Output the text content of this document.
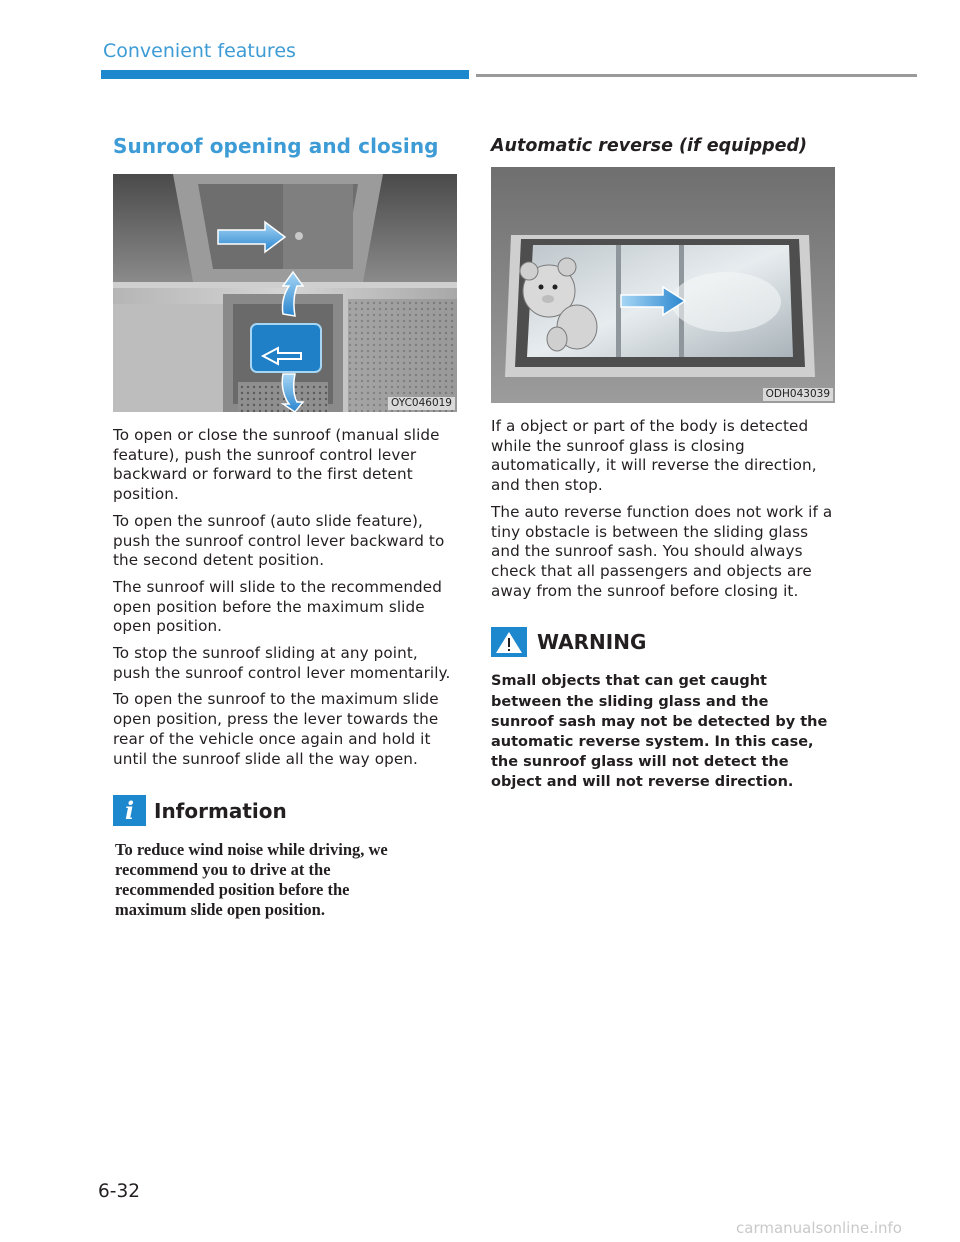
Convenient features
Sunroof opening and closing
OYC046019

To open or close the sunroof (manual slide feature), push the sunroof control lever backward or forward to the first detent position.

To open the sunroof (auto slide feature), push the sunroof control lever backward to the second detent position.

The sunroof will slide to the recommended open position before the maximum slide open position.

To stop the sunroof sliding at any point, push the sunroof control lever momentarily.

To open the sunroof to the maximum slide open position, press the lever towards the rear of the vehicle once again and hold it until the sunroof slide all the way open.

i Information

To reduce wind noise while driving, we recommend you to drive at the recommended position before the maximum slide open position.

Automatic reverse (if equipped)
ODH043039

If a object or part of the body is detected while the sunroof glass is closing automatically, it will reverse the direction, and then stop.

The auto reverse function does not work if a tiny obstacle is between the sliding glass and the sunroof sash. You should always check that all passengers and objects are away from the sunroof before closing it.

WARNING

Small objects that can get caught between the sliding glass and the sunroof sash may not be detected by the automatic reverse system. In this case, the sunroof glass will not detect the object and will not reverse direction.

6-32
carmanualsonline.info
